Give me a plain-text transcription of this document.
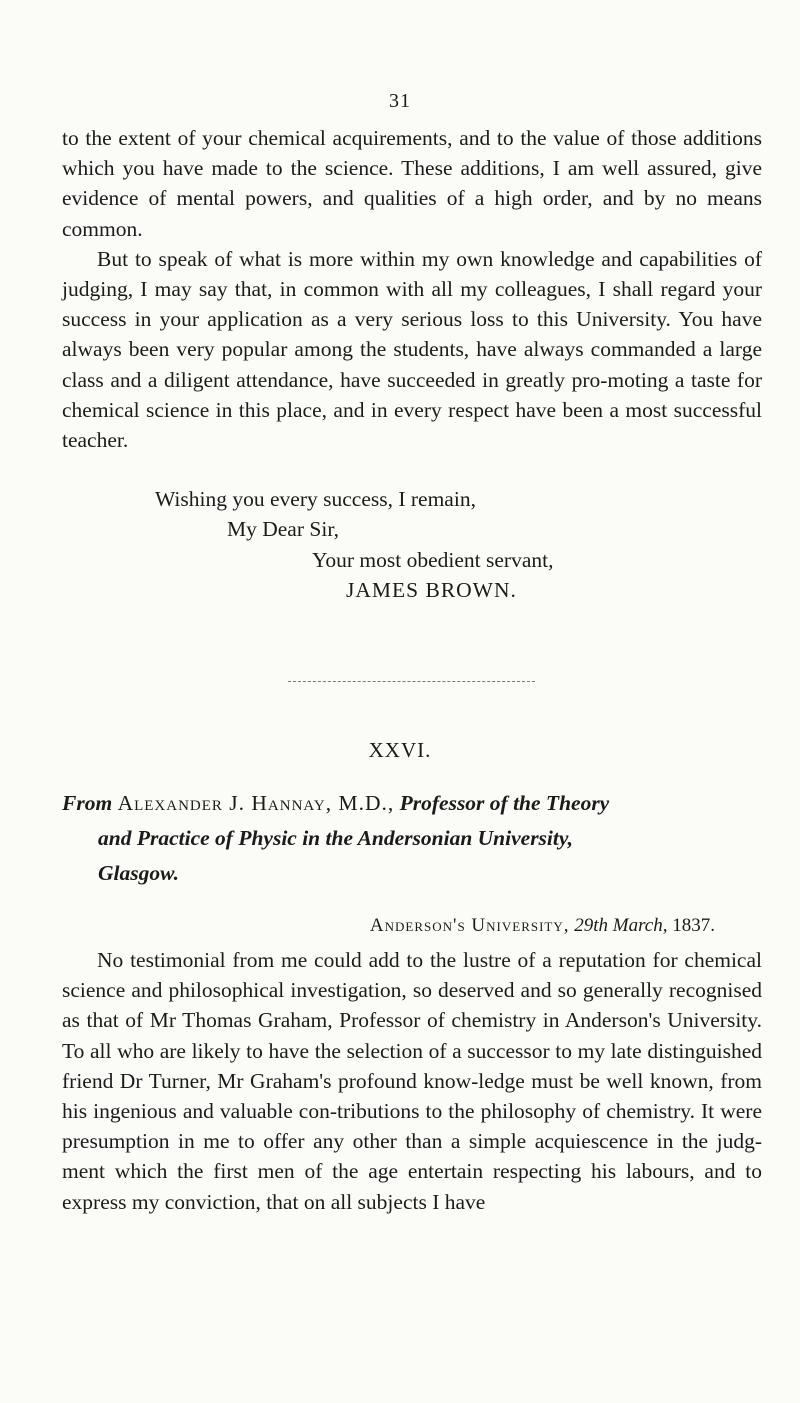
31

to the extent of your chemical acquirements, and to the value of those additions which you have made to the science. These additions, I am well assured, give evidence of mental powers, and qualities of a high order, and by no means common.

But to speak of what is more within my own knowledge and capabilities of judging, I may say that, in common with all my colleagues, I shall regard your success in your application as a very serious loss to this University. You have always been very popular among the students, have always commanded a large class and a diligent attendance, have succeeded in greatly pro-moting a taste for chemical science in this place, and in every respect have been a most successful teacher.

Wishing you every success, I remain,
My Dear Sir,
Your most obedient servant,
JAMES BROWN.
XXVI.
From Alexander J. Hannay, M.D., Professor of the Theory
and Practice of Physic in the Andersonian University,
Glasgow.
Anderson's University, 29th March, 1837.

No testimonial from me could add to the lustre of a reputation for chemical science and philosophical investigation, so deserved and so generally recognised as that of Mr Thomas Graham, Professor of chemistry in Anderson's University. To all who are likely to have the selection of a successor to my late distinguished friend Dr Turner, Mr Graham's profound know-ledge must be well known, from his ingenious and valuable con-tributions to the philosophy of chemistry. It were presumption in me to offer any other than a simple acquiescence in the judg-ment which the first men of the age entertain respecting his labours, and to express my conviction, that on all subjects I have
